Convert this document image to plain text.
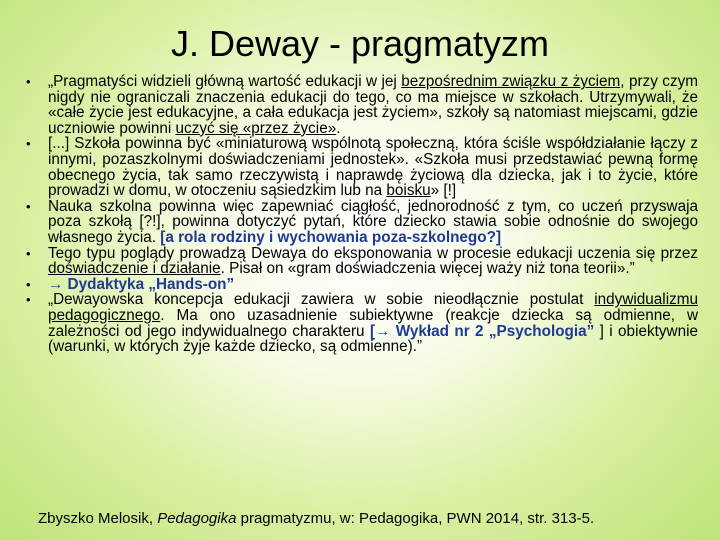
J. Deway - pragmatyzm
• „Pragmatyści widzieli główną wartość edukacji w jej bezpośrednim związku z życiem, przy czym nigdy nie ograniczali znaczenia edukacji do tego, co ma miejsce w szkołach. Utrzymywali, że «całe życie jest edukacyjne, a cała edukacja jest życiem», szkoły są natomiast miejscami, gdzie uczniowie powinni uczyć się «przez życie».
• [...] Szkoła powinna być «miniaturową wspólnotą społeczną, która ściśle współdziałanie łączy z innymi, pozaszkolnymi doświadczeniami jednostek». «Szkoła musi przedstawiać pewną formę obecnego życia, tak samo rzeczywistą i naprawdę życiową dla dziecka, jak i to życie, które prowadzi w domu, w otoczeniu sąsiedzkim lub na boisku» [!]
• Nauka szkolna powinna więc zapewniać ciągłość, jednorodność z tym, co uczeń przyswaja poza szkołą [?!], powinna dotyczyć pytań, które dziecko stawia sobie odnośnie do swojego własnego życia. [a rola rodziny i wychowania poza-szkolnego?]
• Tego typu poglądy prowadzą Dewaya do eksponowania w procesie edukacji uczenia się przez doświadczenie i działanie. Pisał on «gram doświadczenia więcej waży niż tona teorii».”
• → Dydaktyka „Hands-on”
• „Dewayowska koncepcja edukacji zawiera w sobie nieodłącznie postulat indywidualizmu pedagogicznego. Ma ono uzasadnienie subiektywne (reakcje dziecka są odmienne, w zależności od jego indywidualnego charakteru [→ Wykład nr 2 „Psychologia” ] i obiektywnie (warunki, w których żyje każde dziecko, są odmienne).”
Zbyszko Melosik, Pedagogika pragmatyzmu, w: Pedagogika, PWN 2014, str. 313-5.
